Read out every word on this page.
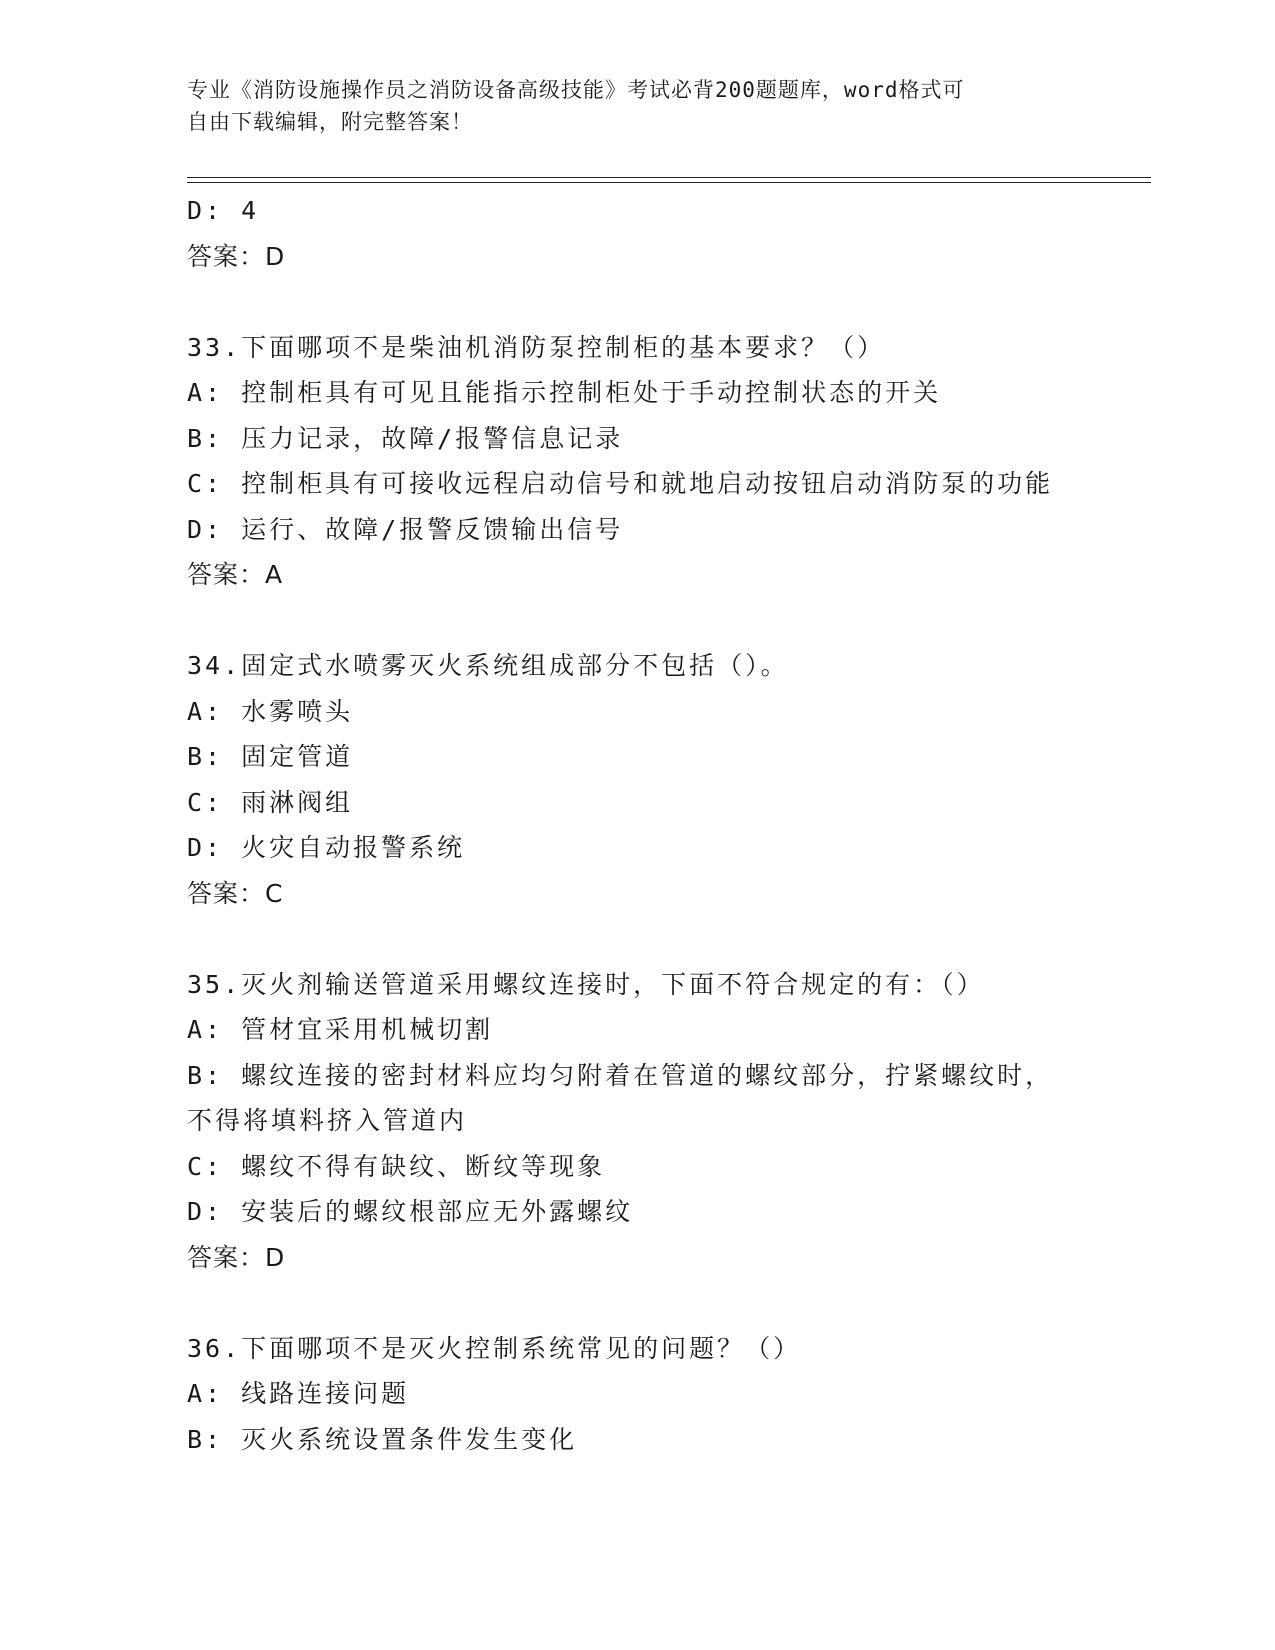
专业《消防设施操作员之消防设备高级技能》考试必背200题题库，word格式可
自由下载编辑，附完整答案！
D: 4
答案：D
33.下面哪项不是柴油机消防泵控制柜的基本要求？（）
A: 控制柜具有可见且能指示控制柜处于手动控制状态的开关
B: 压力记录，故障/报警信息记录
C: 控制柜具有可接收远程启动信号和就地启动按钮启动消防泵的功能
D: 运行、故障/报警反馈输出信号
答案：A
34.固定式水喷雾灭火系统组成部分不包括（）。
A: 水雾喷头
B: 固定管道
C: 雨淋阀组
D: 火灾自动报警系统
答案：C
35.灭火剂输送管道采用螺纹连接时，下面不符合规定的有：（）
A: 管材宜采用机械切割
B: 螺纹连接的密封材料应均匀附着在管道的螺纹部分，拧紧螺纹时，
不得将填料挤入管道内
C: 螺纹不得有缺纹、断纹等现象
D: 安装后的螺纹根部应无外露螺纹
答案：D
36.下面哪项不是灭火控制系统常见的问题？（）
A: 线路连接问题
B: 灭火系统设置条件发生变化
